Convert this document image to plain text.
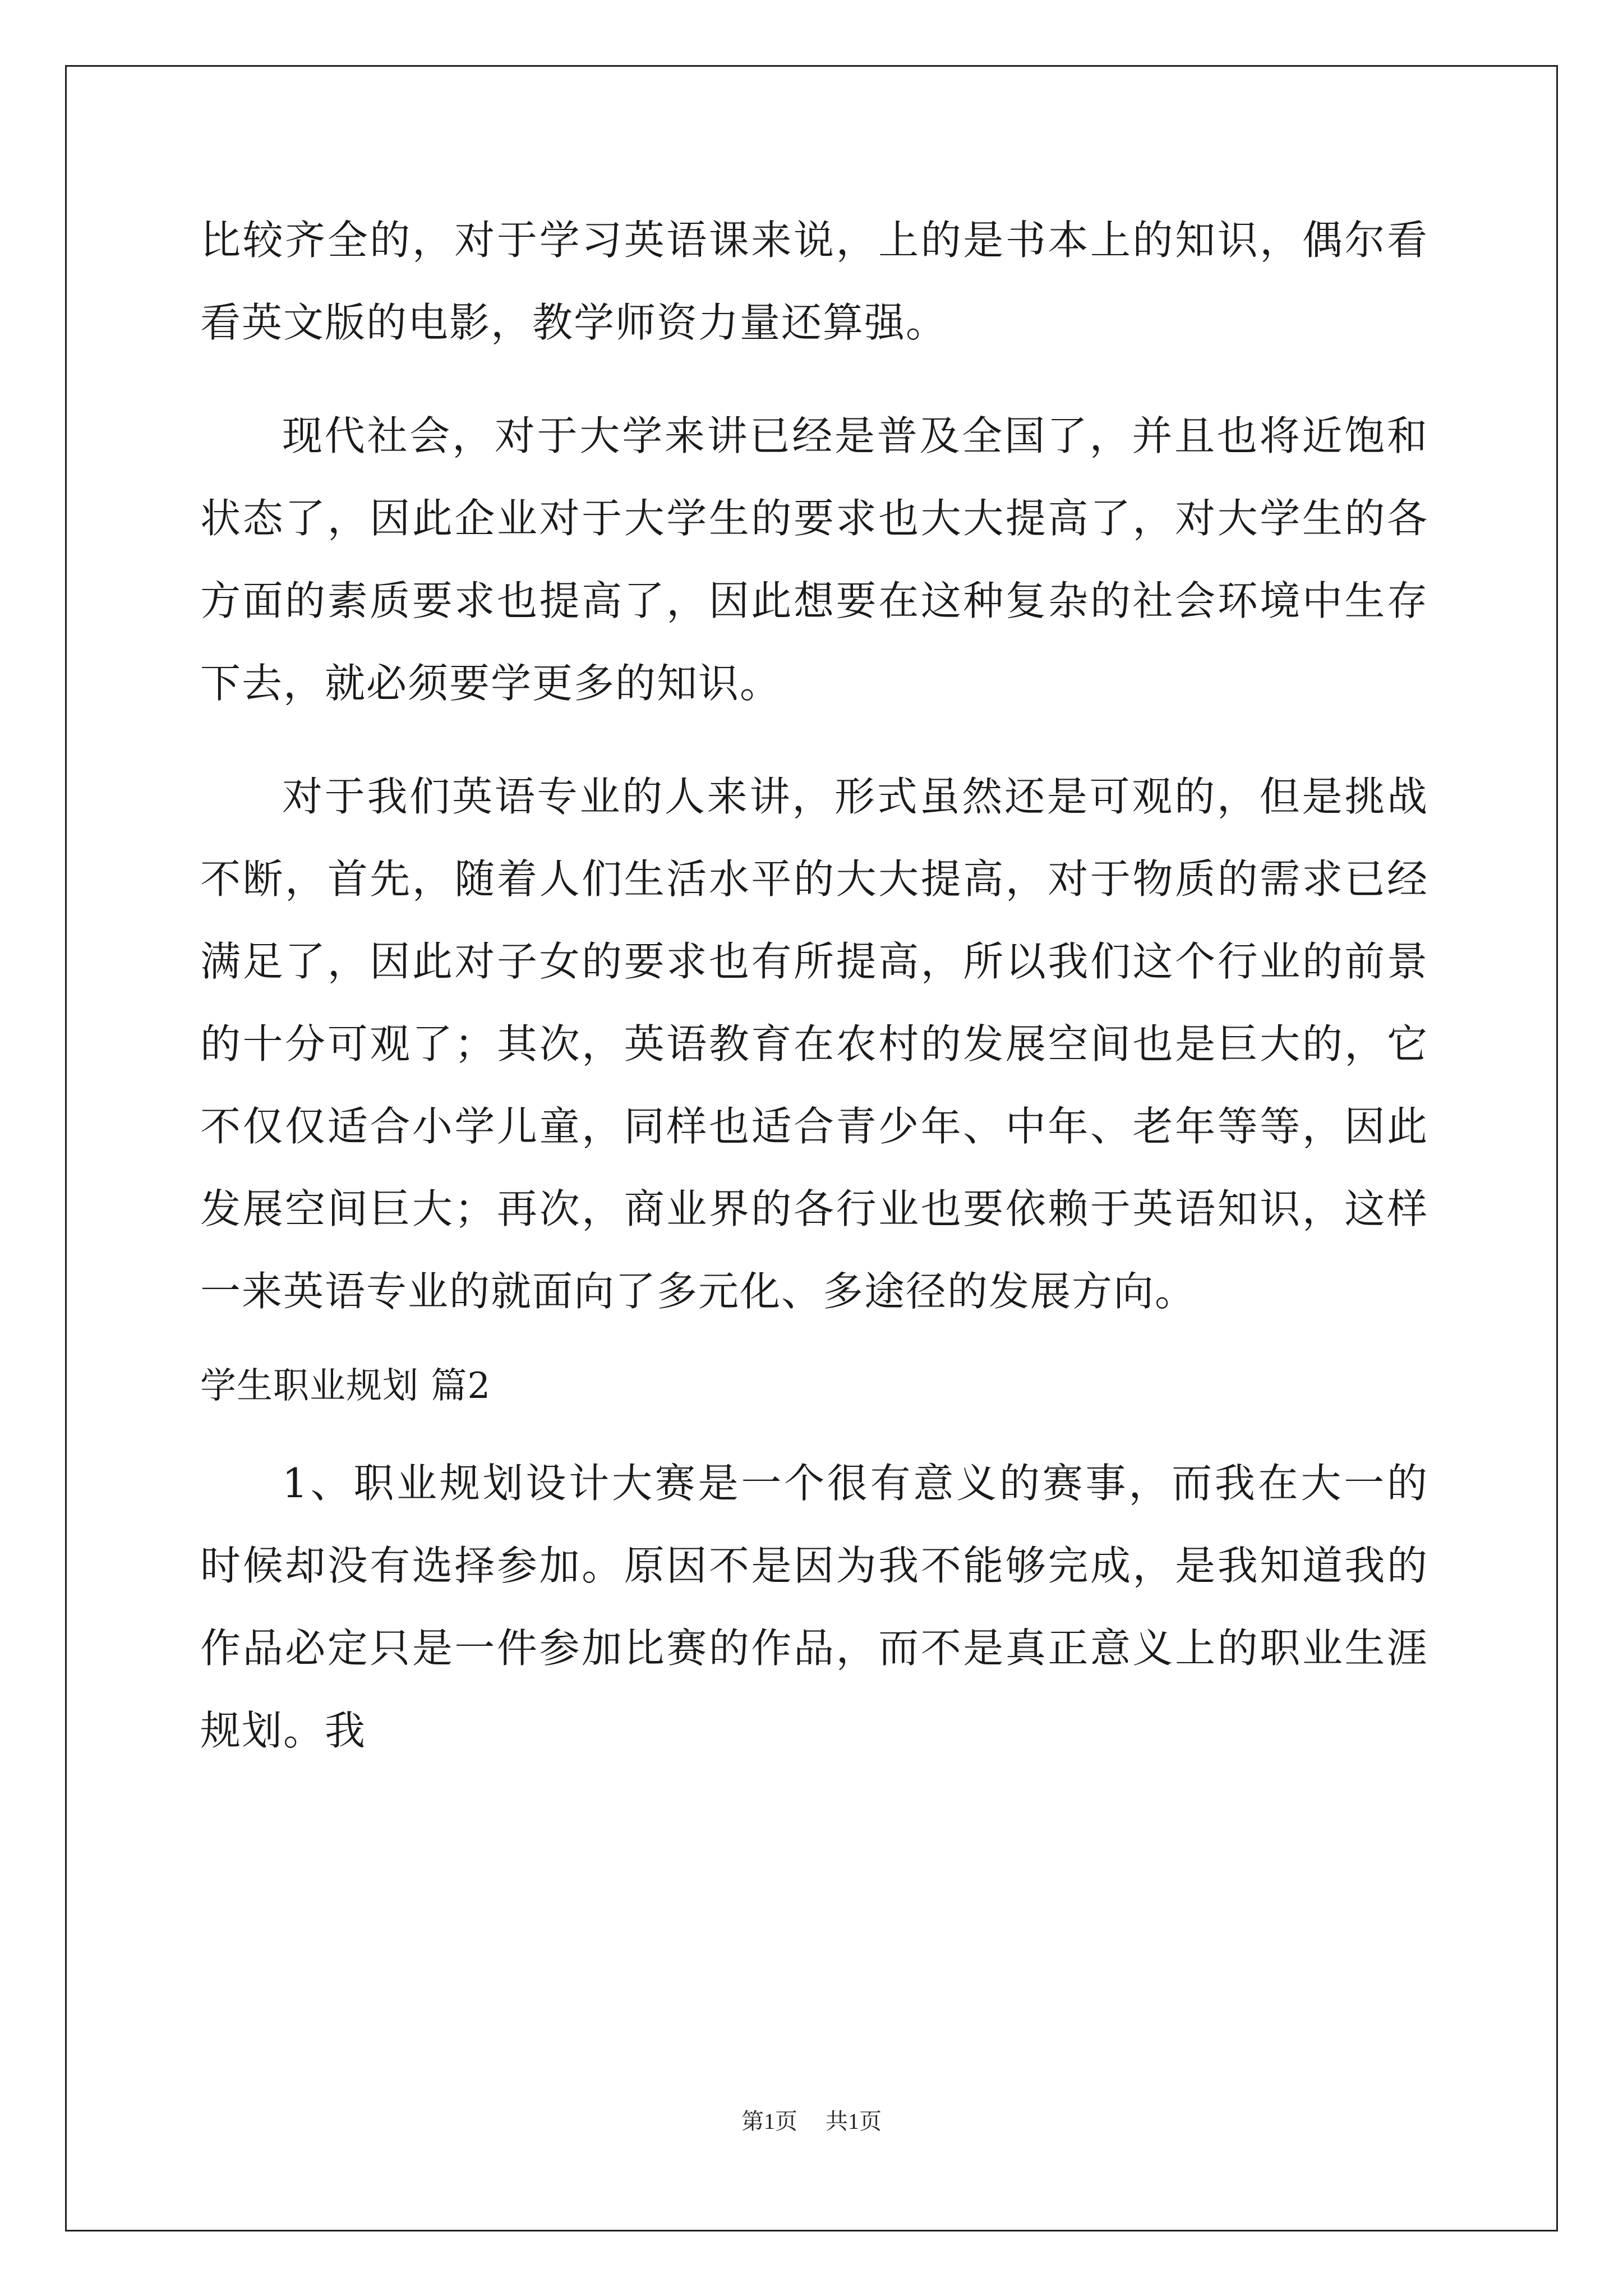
比较齐全的，对于学习英语课来说，上的是书本上的知识，偶尔看看英文版的电影，教学师资力量还算强。

现代社会，对于大学来讲已经是普及全国了，并且也将近饱和状态了，因此企业对于大学生的要求也大大提高了，对大学生的各方面的素质要求也提高了，因此想要在这种复杂的社会环境中生存下去，就必须要学更多的知识。

对于我们英语专业的人来讲，形式虽然还是可观的，但是挑战不断，首先，随着人们生活水平的大大提高，对于物质的需求已经满足了，因此对子女的要求也有所提高，所以我们这个行业的前景的十分可观了；其次，英语教育在农村的发展空间也是巨大的，它不仅仅适合小学儿童，同样也适合青少年、中年、老年等等，因此发展空间巨大；再次，商业界的各行业也要依赖于英语知识，这样一来英语专业的就面向了多元化、多途径的发展方向。

学生职业规划 篇2

1、职业规划设计大赛是一个很有意义的赛事，而我在大一的时候却没有选择参加。原因不是因为我不能够完成，是我知道我的作品必定只是一件参加比赛的作品，而不是真正意义上的职业生涯规划。我

第1页 共1页
